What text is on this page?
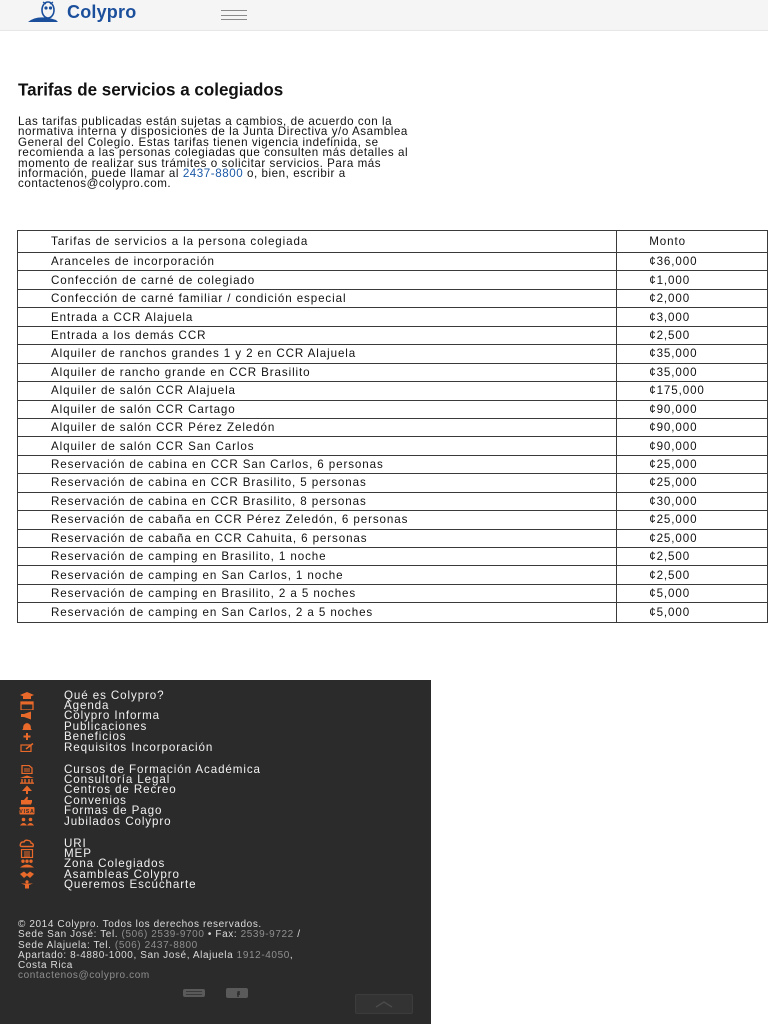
Colypro
Tarifas de servicios a colegiados

Las tarifas publicadas están sujetas a cambios, de acuerdo con la normativa interna y disposiciones de la Junta Directiva y/o Asamblea General del Colegio. Estas tarifas tienen vigencia indefinida, se recomienda a las personas colegiadas que consulten más detalles al momento de realizar sus trámites o solicitar servicios. Para más información, puede llamar al 2437-8800 o, bien, escribir a contactenos@colypro.com.

Tarifas de servicios a la persona colegiada	Monto
Aranceles de incorporación	¢36,000
Confección de carné de colegiado	¢1,000
Confección de carné familiar / condición especial	¢2,000
Entrada a CCR Alajuela	¢3,000
Entrada a los demás CCR	¢2,500
Alquiler de ranchos grandes 1 y 2 en CCR Alajuela	¢35,000
Alquiler de rancho grande en CCR Brasilito	¢35,000
Alquiler de salón CCR Alajuela	¢175,000
Alquiler de salón CCR Cartago	¢90,000
Alquiler de salón CCR Pérez Zeledón	¢90,000
Alquiler de salón CCR San Carlos	¢90,000
Reservación de cabina en CCR San Carlos, 6 personas	¢25,000
Reservación de cabina en CCR Brasilito, 5 personas	¢25,000
Reservación de cabina en CCR Brasilito, 8 personas	¢30,000
Reservación de cabaña en CCR Pérez Zeledón, 6 personas	¢25,000
Reservación de cabaña en CCR Cahuita, 6 personas	¢25,000
Reservación de camping en Brasilito, 1 noche	¢2,500
Reservación de camping en San Carlos, 1 noche	¢2,500
Reservación de camping en Brasilito, 2 a 5 noches	¢5,000
Reservación de camping en San Carlos, 2 a 5 noches	¢5,000
Qué es Colypro?
Agenda
Colypro Informa
Publicaciones
Beneficios
Requisitos Incorporación
Cursos de Formación Académica
Consultoría Legal
Centros de Recreo
Convenios
VISA	Formas de Pago
Jubilados Colypro
URI
MEP
Zona Colegiados
Asambleas Colypro
Queremos Escucharte
© 2014 Colypro. Todos los derechos reservados.
Sede San José: Tel. (506) 2539-9700 • Fax: 2539-9722 /
Sede Alajuela: Tel. (506) 2437-8800
Apartado: 8-4880-1000, San José, Alajuela 1912-4050,
Costa Rica
contactenos@colypro.com
